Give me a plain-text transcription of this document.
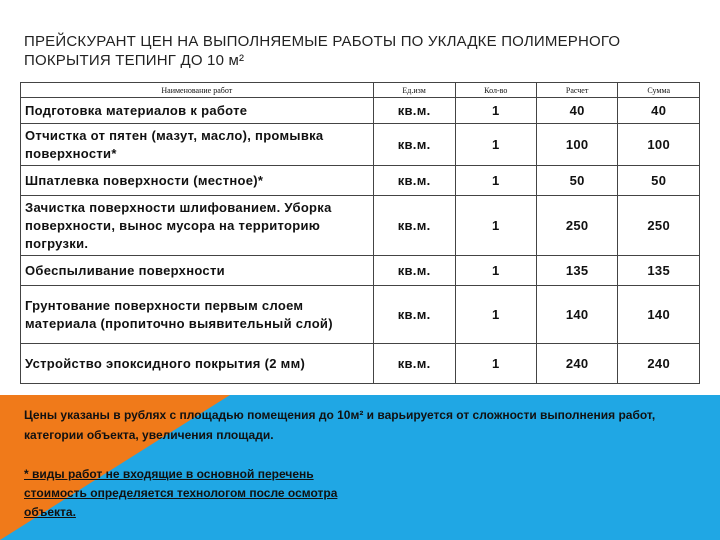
ПРЕЙСКУРАНТ ЦЕН НА ВЫПОЛНЯЕМЫЕ РАБОТЫ ПО УКЛАДКЕ ПОЛИМЕРНОГО ПОКРЫТИЯ ТЕПИНГ ДО 10 м²
Наименование работ	Ед.изм	Кол-во	Расчет	Сумма
Подготовка материалов к работе	кв.м.	1	40	40
Отчистка от пятен (мазут, масло), промывка поверхности*	кв.м.	1	100	100
Шпатлевка поверхности (местное)*	кв.м.	1	50	50
Зачистка поверхности шлифованием. Уборка поверхности, вынос мусора на территорию погрузки.	кв.м.	1	250	250
Обеспыливание поверхности	кв.м.	1	135	135
Грунтование поверхности первым слоем материала (пропиточно выявительный слой)	кв.м.	1	140	140
Устройство эпоксидного покрытия (2 мм)	кв.м.	1	240	240
Цены указаны в рублях с площадью помещения до 10м² и варьируется от сложности выполнения работ, категории объекта, увеличения площади.
* виды работ не входящие в основной перечень стоимость определяется технологом после осмотра объекта.
